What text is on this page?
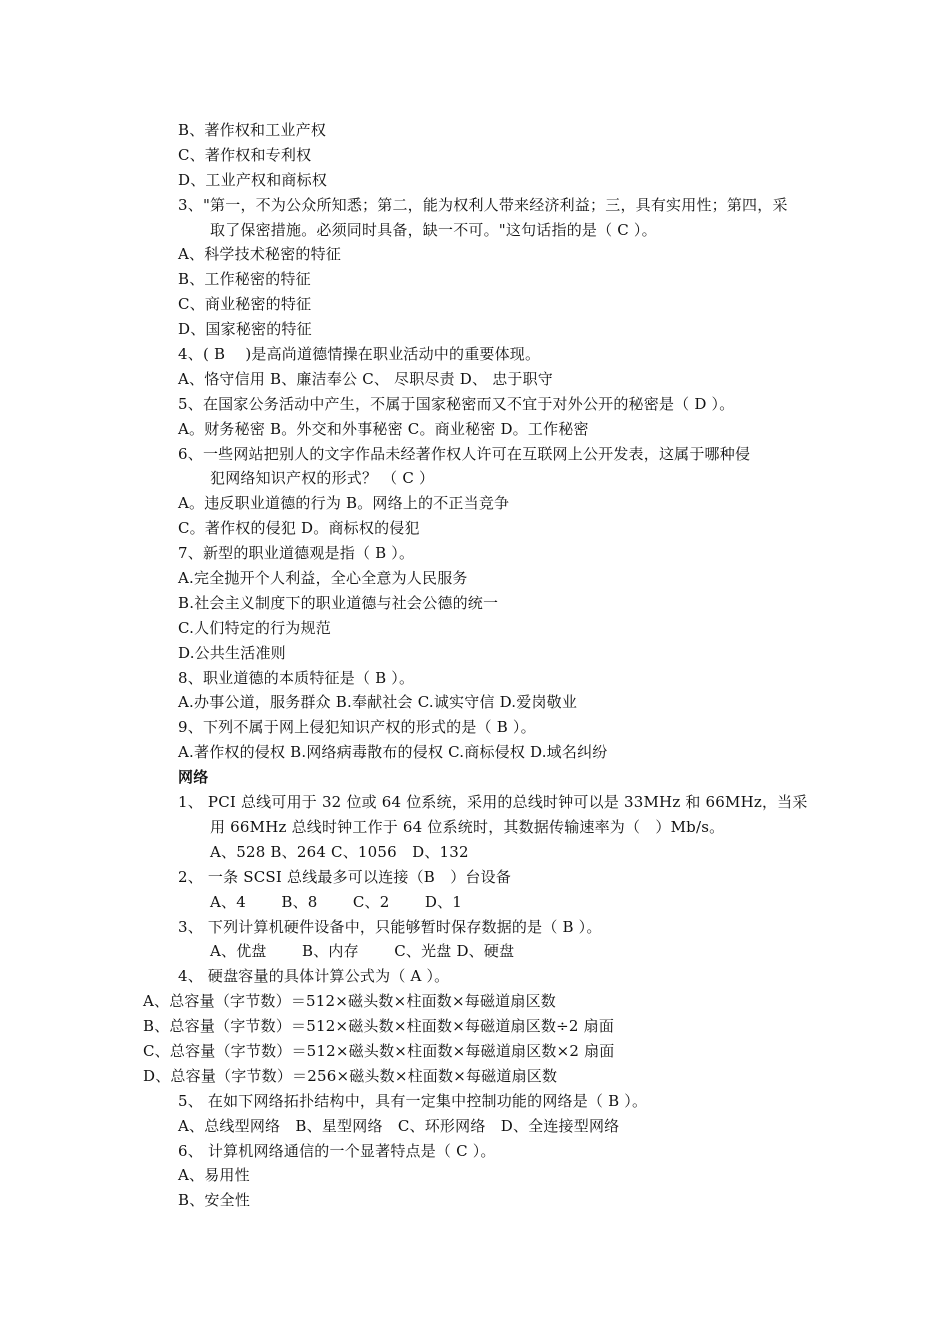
B、著作权和工业产权
C、著作权和专利权
D、工业产权和商标权
3、"第一，不为公众所知悉；第二，能为权利人带来经济利益；三，具有实用性；第四，采
取了保密措施。必须同时具备，缺一不可。"这句话指的是（ C ）。
A、科学技术秘密的特征
B、工作秘密的特征
C、商业秘密的特征
D、国家秘密的特征
4、( B　 )是高尚道德情操在职业活动中的重要体现。
A、恪守信用 B、廉洁奉公 C、 尽职尽责 D、 忠于职守
5、在国家公务活动中产生，不属于国家秘密而又不宜于对外公开的秘密是（ D ）。
A。财务秘密 B。外交和外事秘密 C。商业秘密 D。工作秘密
6、一些网站把别人的文字作品未经著作权人许可在互联网上公开发表，这属于哪种侵
犯网络知识产权的形式？ （ C ）
A。违反职业道德的行为 B。网络上的不正当竞争
C。著作权的侵犯 D。商标权的侵犯
7、新型的职业道德观是指（ B ）。
A.完全抛开个人利益，全心全意为人民服务
B.社会主义制度下的职业道德与社会公德的统一
C.人们特定的行为规范
D.公共生活准则
8、职业道德的本质特征是（ B ）。
A.办事公道，服务群众 B.奉献社会 C.诚实守信 D.爱岗敬业
9、下列不属于网上侵犯知识产权的形式的是（ B ）。
A.著作权的侵权 B.网络病毒散布的侵权 C.商标侵权 D.域名纠纷
网络
1、 PCI 总线可用于 32 位或 64 位系统，采用的总线时钟可以是 33MHz 和 66MHz，当采
用 66MHz 总线时钟工作于 64 位系统时，其数据传输速率为（　）Mb/s。
A、528 B、264 C、1056　D、132
2、 一条 SCSI 总线最多可以连接（B　）台设备
A、4　　 B、8　　 C、2　　 D、1
3、 下列计算机硬件设备中，只能够暂时保存数据的是（ B ）。
A、优盘　　 B、内存　　 C、光盘 D、硬盘
4、 硬盘容量的具体计算公式为（ A ）。
A、总容量（字节数）＝512×磁头数×柱面数×每磁道扇区数
B、总容量（字节数）＝512×磁头数×柱面数×每磁道扇区数÷2 扇面
C、总容量（字节数）＝512×磁头数×柱面数×每磁道扇区数×2 扇面
D、总容量（字节数）＝256×磁头数×柱面数×每磁道扇区数
5、 在如下网络拓扑结构中，具有一定集中控制功能的网络是（ B ）。
A、总线型网络　B、星型网络　C、环形网络　D、全连接型网络
6、 计算机网络通信的一个显著特点是（ C ）。
A、易用性
B、安全性
